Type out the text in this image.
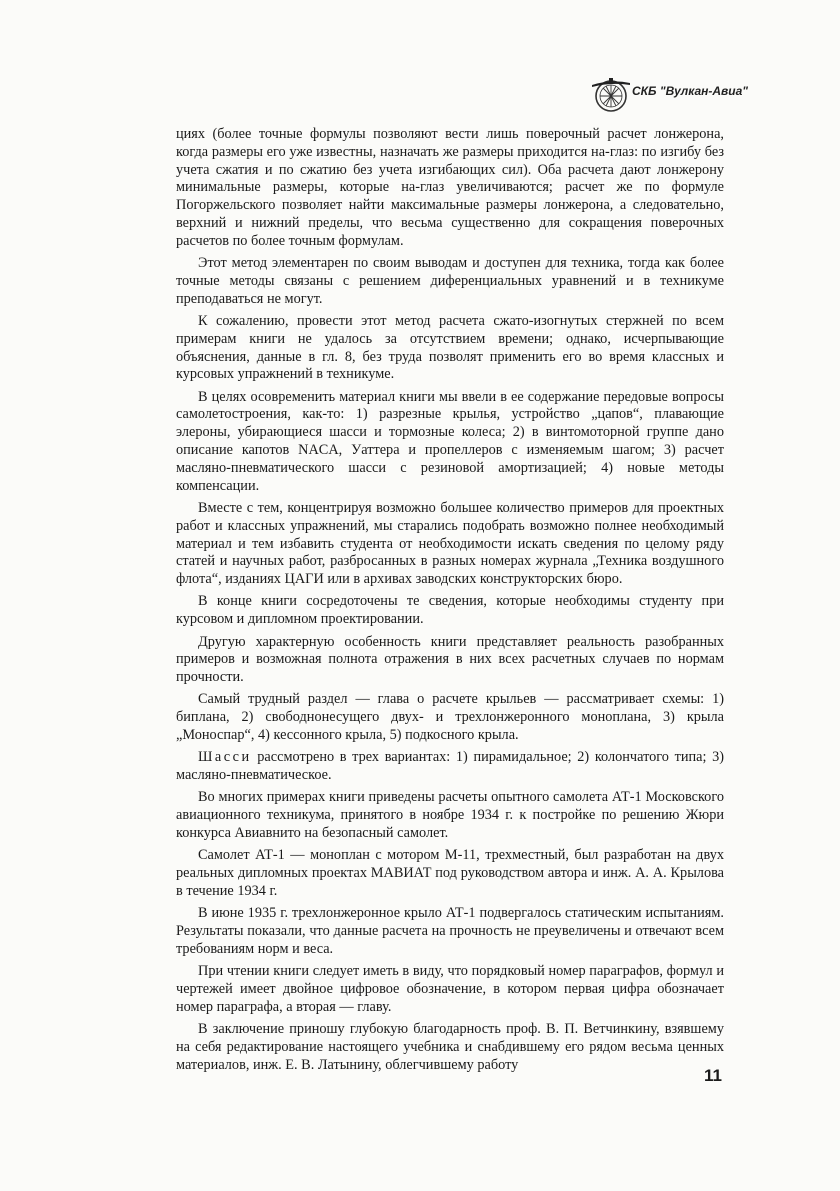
СКБ "Вулкан-Авиа"

циях (более точные формулы позволяют вести лишь поверочный расчет лонжерона, когда размеры его уже известны, назначать же размеры приходится на-глаз: по изгибу без учета сжатия и по сжатию без учета изгибающих сил). Оба расчета дают лонжерону минимальные размеры, которые на-глаз увеличиваются; расчет же по формуле Погоржельского позволяет найти максимальные размеры лонжерона, а следовательно, верхний и нижний пределы, что весьма существенно для сокращения поверочных расчетов по более точным формулам.

Этот метод элементарен по своим выводам и доступен для техника, тогда как более точные методы связаны с решением диференциальных уравнений и в техникуме преподаваться не могут.

К сожалению, провести этот метод расчета сжато-изогнутых стержней по всем примерам книги не удалось за отсутствием времени; однако, исчерпывающие объяснения, данные в гл. 8, без труда позволят применить его во время классных и курсовых упражнений в техникуме.

В целях осовременить материал книги мы ввели в ее содержание передовые вопросы самолетостроения, как-то: 1) разрезные крылья, устройство „цапов“, плавающие элероны, убирающиеся шасси и тормозные колеса; 2) в винтомоторной группе дано описание капотов NACA, Уаттера и пропеллеров с изменяемым шагом; 3) расчет масляно-пневматического шасси с резиновой амортизацией; 4) новые методы компенсации.

Вместе с тем, концентрируя возможно большее количество примеров для проектных работ и классных упражнений, мы старались подобрать возможно полнее необходимый материал и тем избавить студента от необходимости искать сведения по целому ряду статей и научных работ, разбросанных в разных номерах журнала „Техника воздушного флота“, изданиях ЦАГИ или в архивах заводских конструкторских бюро.

В конце книги сосредоточены те сведения, которые необходимы студенту при курсовом и дипломном проектировании.

Другую характерную особенность книги представляет реальность разобранных примеров и возможная полнота отражения в них всех расчетных случаев по нормам прочности.

Самый трудный раздел — глава о расчете крыльев — рассматривает схемы: 1) биплана, 2) свободнонесущего двух- и трехлонжеронного моноплана, 3) крыла „Моноспар“, 4) кессонного крыла, 5) подкосного крыла.

Шасси рассмотрено в трех вариантах: 1) пирамидальное; 2) колончатого типа; 3) масляно-пневматическое.

Во многих примерах книги приведены расчеты опытного самолета АТ-1 Московского авиационного техникума, принятого в ноябре 1934 г. к постройке по решению Жюри конкурса Авиавнито на безопасный самолет.

Самолет АТ-1 — моноплан с мотором М-11, трехместный, был разработан на двух реальных дипломных проектах МАВИАТ под руководством автора и инж. А. А. Крылова в течение 1934 г.

В июне 1935 г. трехлонжеронное крыло АТ-1 подвергалось статическим испытаниям. Результаты показали, что данные расчета на прочность не преувеличены и отвечают всем требованиям норм и веса.

При чтении книги следует иметь в виду, что порядковый номер параграфов, формул и чертежей имеет двойное цифровое обозначение, в котором первая цифра обозначает номер параграфа, а вторая — главу.

В заключение приношу глубокую благодарность проф. В. П. Ветчинкину, взявшему на себя редактирование настоящего учебника и снабдившему его рядом весьма ценных материалов, инж. Е. В. Латынину, облегчившему работу

11
